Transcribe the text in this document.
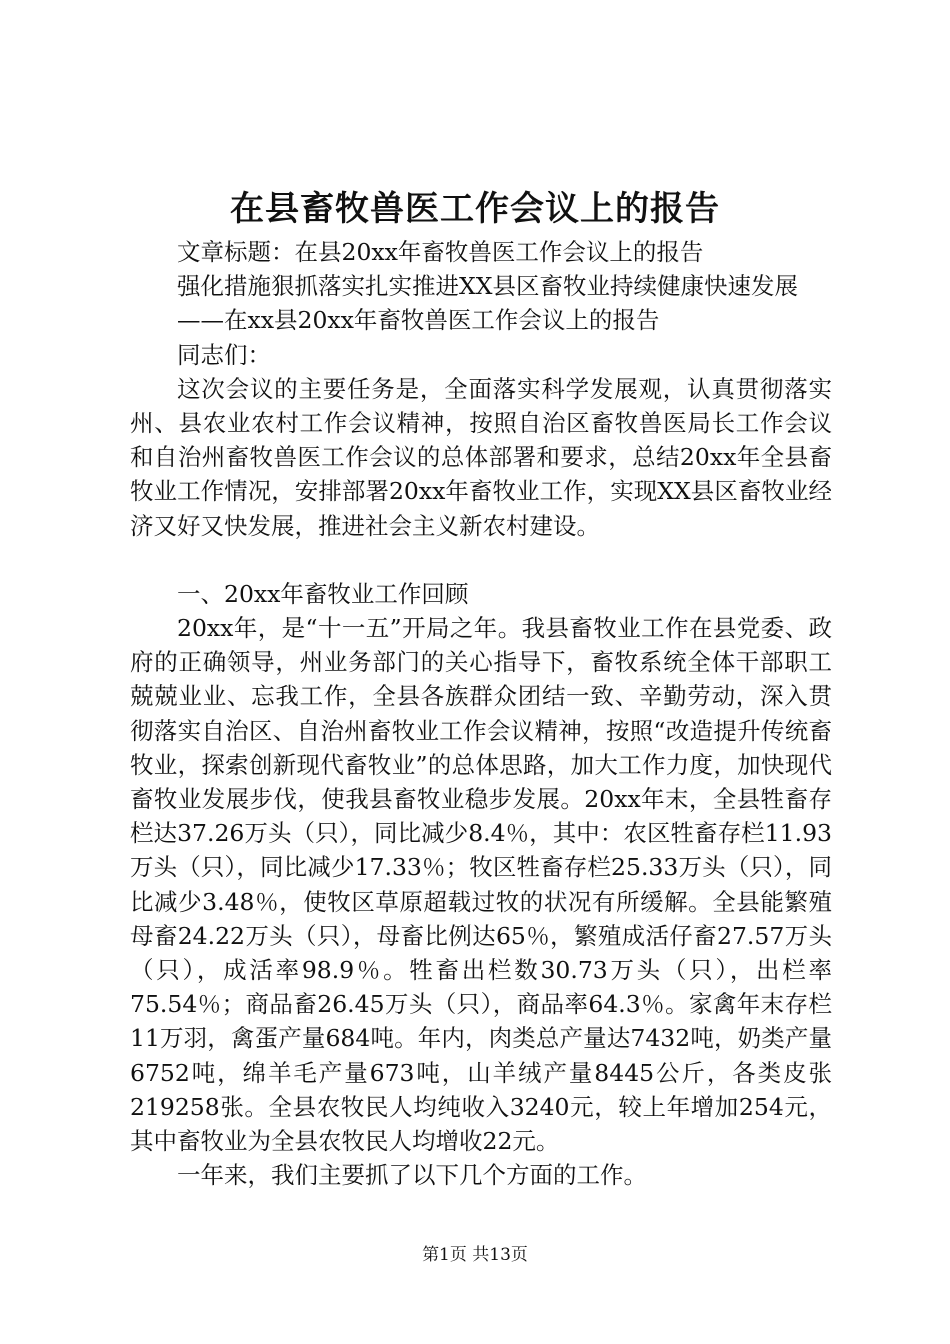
在县畜牧兽医工作会议上的报告

文章标题：在县20xx年畜牧兽医工作会议上的报告

强化措施狠抓落实扎实推进XX县区畜牧业持续健康快速发展

——在xx县20xx年畜牧兽医工作会议上的报告

同志们：

这次会议的主要任务是，全面落实科学发展观，认真贯彻落实州、县农业农村工作会议精神，按照自治区畜牧兽医局长工作会议和自治州畜牧兽医工作会议的总体部署和要求，总结20xx年全县畜牧业工作情况，安排部署20xx年畜牧业工作，实现XX县区畜牧业经济又好又快发展，推进社会主义新农村建设。

一、20xx年畜牧业工作回顾

20xx年，是“十一五”开局之年。我县畜牧业工作在县党委、政府的正确领导，州业务部门的关心指导下，畜牧系统全体干部职工兢兢业业、忘我工作，全县各族群众团结一致、辛勤劳动，深入贯彻落实自治区、自治州畜牧业工作会议精神，按照“改造提升传统畜牧业，探索创新现代畜牧业”的总体思路，加大工作力度，加快现代畜牧业发展步伐，使我县畜牧业稳步发展。20xx年末，全县牲畜存栏达37.26万头（只），同比减少8.4％，其中：农区牲畜存栏11.93万头（只），同比减少17.33％；牧区牲畜存栏25.33万头（只），同比减少3.48％，使牧区草原超载过牧的状况有所缓解。全县能繁殖母畜24.22万头（只），母畜比例达65％，繁殖成活仔畜27.57万头（只），成活率98.9％。牲畜出栏数30.73万头（只），出栏率75.54％；商品畜26.45万头（只），商品率64.3％。家禽年末存栏11万羽，禽蛋产量684吨。年内，肉类总产量达7432吨，奶类产量6752吨，绵羊毛产量673吨，山羊绒产量8445公斤，各类皮张219258张。全县农牧民人均纯收入3240元，较上年增加254元，其中畜牧业为全县农牧民人均增收22元。

一年来，我们主要抓了以下几个方面的工作。

第1页 共13页
